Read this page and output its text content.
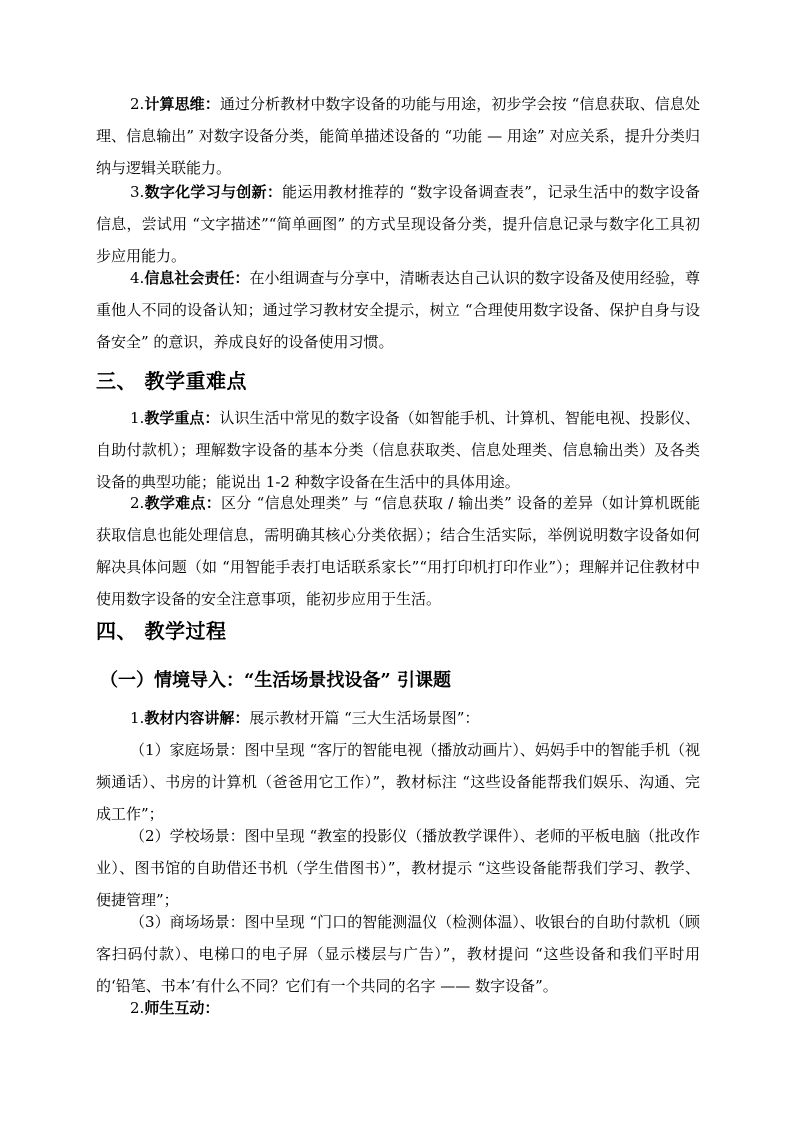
2.计算思维：通过分析教材中数字设备的功能与用途，初步学会按 “信息获取、信息处理、信息输出” 对数字设备分类，能简单描述设备的 “功能 — 用途” 对应关系，提升分类归纳与逻辑关联能力。

3.数字化学习与创新：能运用教材推荐的 “数字设备调查表”，记录生活中的数字设备信息，尝试用 “文字描述”“简单画图” 的方式呈现设备分类，提升信息记录与数字化工具初步应用能力。

4.信息社会责任：在小组调查与分享中，清晰表达自己认识的数字设备及使用经验，尊重他人不同的设备认知；通过学习教材安全提示，树立 “合理使用数字设备、保护自身与设备安全” 的意识，养成良好的设备使用习惯。

三、 教学重难点

1.教学重点：认识生活中常见的数字设备（如智能手机、计算机、智能电视、投影仪、自助付款机）；理解数字设备的基本分类（信息获取类、信息处理类、信息输出类）及各类设备的典型功能；能说出 1-2 种数字设备在生活中的具体用途。

2.教学难点：区分 “信息处理类” 与 “信息获取 / 输出类” 设备的差异（如计算机既能获取信息也能处理信息，需明确其核心分类依据）；结合生活实际，举例说明数字设备如何解决具体问题（如 “用智能手表打电话联系家长”“用打印机打印作业”）；理解并记住教材中使用数字设备的安全注意事项，能初步应用于生活。

四、 教学过程
（一）情境导入：“生活场景找设备” 引课题

1.教材内容讲解：展示教材开篇 “三大生活场景图”：

（1）家庭场景：图中呈现 “客厅的智能电视（播放动画片）、妈妈手中的智能手机（视频通话）、书房的计算机（爸爸用它工作）”，教材标注 “这些设备能帮我们娱乐、沟通、完成工作”；

（2）学校场景：图中呈现 “教室的投影仪（播放教学课件）、老师的平板电脑（批改作业）、图书馆的自助借还书机（学生借图书）”，教材提示 “这些设备能帮我们学习、教学、便捷管理”；

（3）商场场景：图中呈现 “门口的智能测温仪（检测体温）、收银台的自助付款机（顾客扫码付款）、电梯口的电子屏（显示楼层与广告）”，教材提问 “这些设备和我们平时用的‘铅笔、书本’有什么不同？它们有一个共同的名字 —— 数字设备”。

2.师生互动：
